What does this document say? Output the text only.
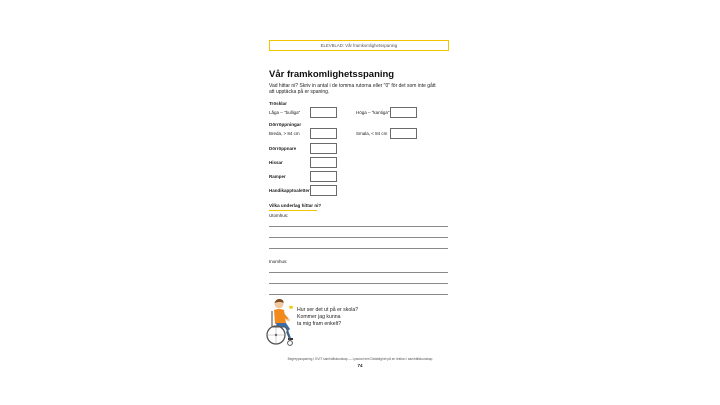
ELEVBLAD: Vår framkomlighetsspaning
Vår framkomlighetsspaning
Vad hittar ni? Skriv in antal i de tomma rutorna eller "0" för det som inte gått att upptäcka på er spaning.
Trösklar
Låga – "bulliga"	Höga – "kantiga"
Dörröppningar
Breda, > 84 cm	Smala, < 84 cm
Dörröppnare
Hissar
Ramper
Handikapptoaletter
Vilka underlag hittar ni?
Utomhus:
Inomhus:
❞ Hur ser det ut på er skola?
Kommer jag kunna
ta mig fram enkelt?
Begreppsspaning i GVIT samhällskunskap — Lyssna hem Delaktighet på en lektion i samhällskunskap
74
